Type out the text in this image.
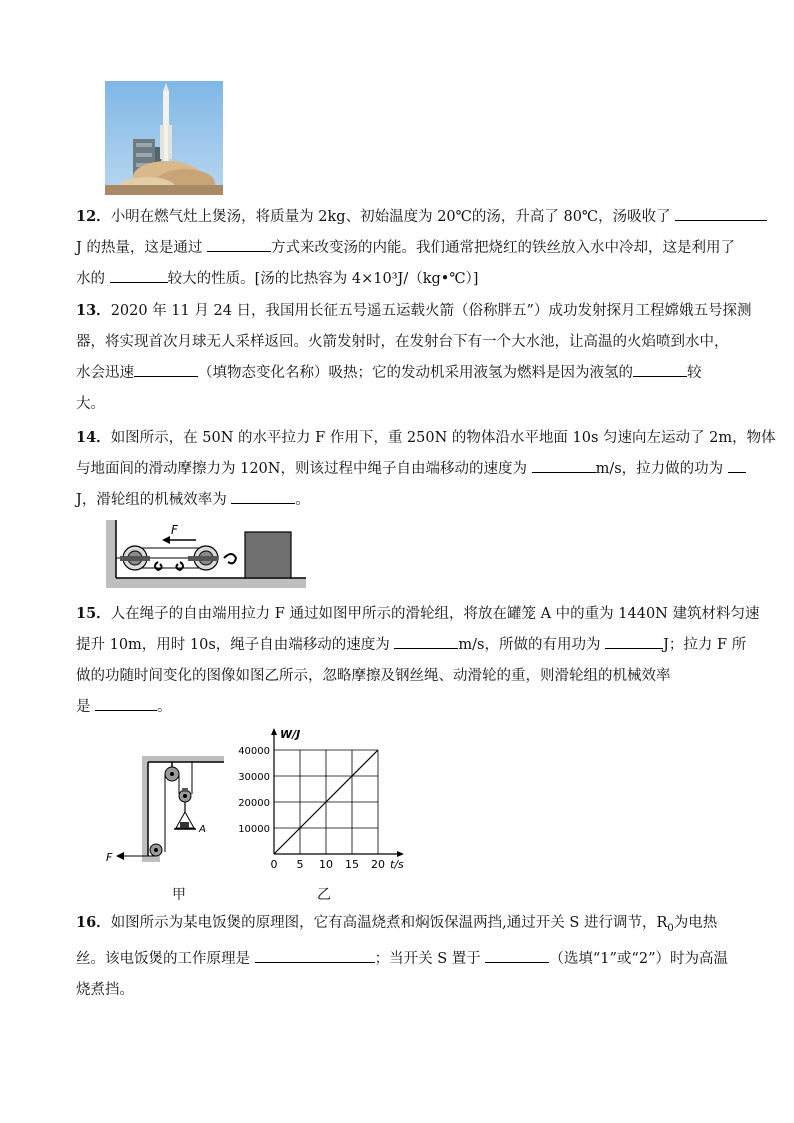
12．小明在燃气灶上煲汤，将质量为 2kg、初始温度为 20℃的汤，升高了 80℃，汤吸收了
J 的热量，这是通过	方式来改变汤的内能。我们通常把烧红的铁丝放入水中冷却，这是利用了
水的	较大的性质。[汤的比热容为 4×10³J/（kg•℃）]
13．2020 年 11 月 24 日，我国用长征五号遥五运载火箭（俗称胖五”）成功发射探月工程嫦娥五号探测
器，将实现首次月球无人采样返回。火箭发射时，在发射台下有一个大水池，让高温的火焰喷到水中，
水会迅速	（填物态变化名称）吸热；它的发动机采用液氢为燃料是因为液氢的	较
大。
14．如图所示，在 50N 的水平拉力 F 作用下，重 250N 的物体沿水平地面 10s 匀速向左运动了 2m，物体
与地面间的滑动摩擦力为 120N，则该过程中绳子自由端移动的速度为	m/s，拉力做的功为
J，滑轮组的机械效率为	。
F
15．人在绳子的自由端用拉力 F 通过如图甲所示的滑轮组，将放在罐笼 A 中的重为 1440N 建筑材料匀速
提升 10m，用时 10s，绳子自由端移动的速度为	m/s，所做的有用功为	J；拉力 F 所
做的功随时间变化的图像如图乙所示，忽略摩擦及钢丝绳、动滑轮的重，则滑轮组的机械效率
是	。
A
F
0 5 10 15 20
10000
20000
30000
40000
W/J
t/s
甲	乙
16．如图所示为某电饭煲的原理图，它有高温烧煮和焖饭保温两挡,通过开关 S 进行调节，$R_0$为电热
丝。该电饭煲的工作原理是	；当开关 S 置于	（选填“1”或“2”）时为高温
烧煮挡。
